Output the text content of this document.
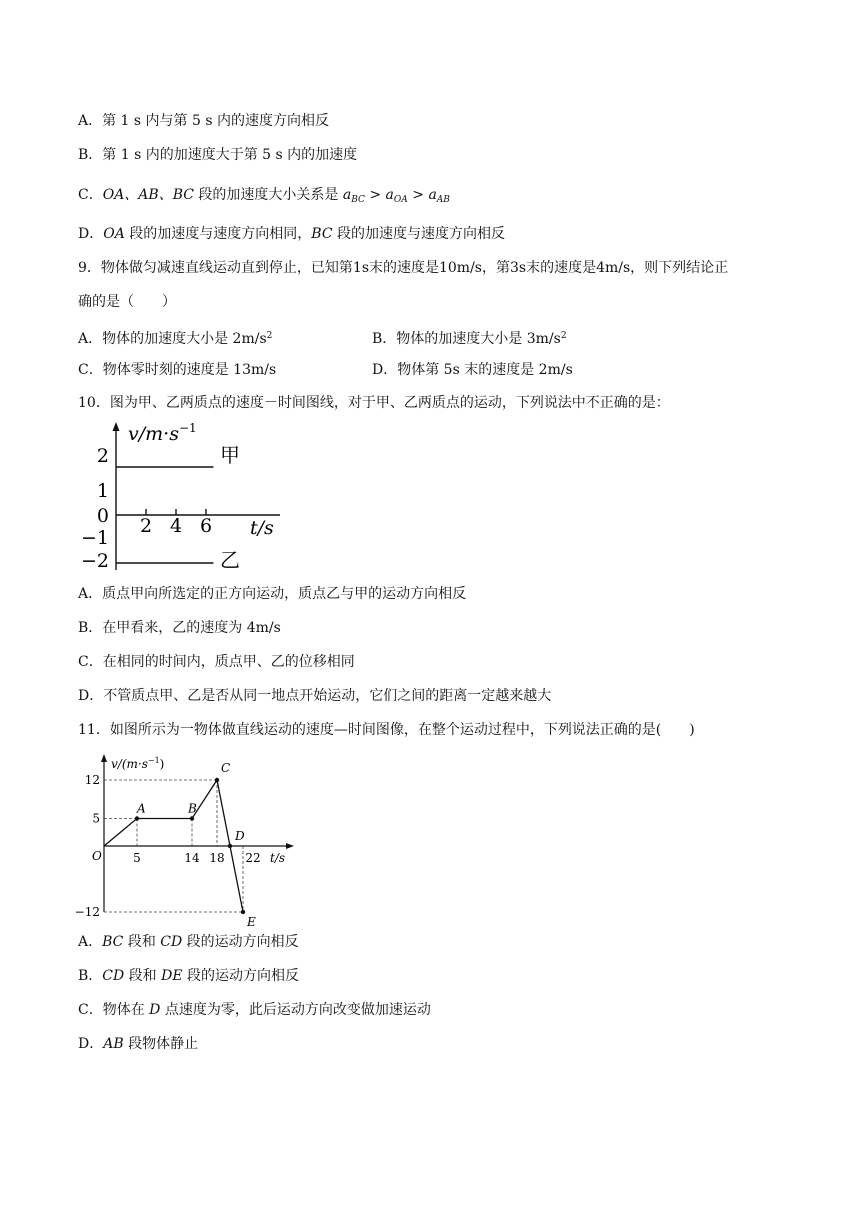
A．第 1 s 内与第 5 s 内的速度方向相反
B．第 1 s 内的加速度大于第 5 s 内的加速度
C．OA、AB、BC 段的加速度大小关系是 $a_{BC} > a_{OA} > a_{AB}$
D．OA 段的加速度与速度方向相同，BC 段的加速度与速度方向相反
9．物体做匀减速直线运动直到停止，已知第1s末的速度是10m/s，第3s末的速度是4m/s，则下列结论正
确的是（　　）
A．物体的加速度大小是 $2m/s^2$	B．物体的加速度大小是 $3m/s^2$
C．物体零时刻的速度是 13m/s	D．物体第 5s 末的速度是 2m/s
10．图为甲、乙两质点的速度－时间图线，对于甲、乙两质点的运动，下列说法中不正确的是：
$v/m\cdot s^{-1}$
t/s
2 4 6
2
1
0
−1
−2
甲
乙
A．质点甲向所选定的正方向运动，质点乙与甲的运动方向相反
B．在甲看来，乙的速度为 4m/s
C．在相同的时间内，质点甲、乙的位移相同
D．不管质点甲、乙是否从同一地点开始运动，它们之间的距离一定越来越大
11．如图所示为一物体做直线运动的速度—时间图像，在整个运动过程中，下列说法正确的是(　　)
$v/(m\cdot s^{-1})$
t/s
5	14 18 22
12
5
−12
O
A	B
C
D
E
A．BC 段和 CD 段的运动方向相反
B．CD 段和 DE 段的运动方向相反
C．物体在 D 点速度为零，此后运动方向改变做加速运动
D．AB 段物体静止
